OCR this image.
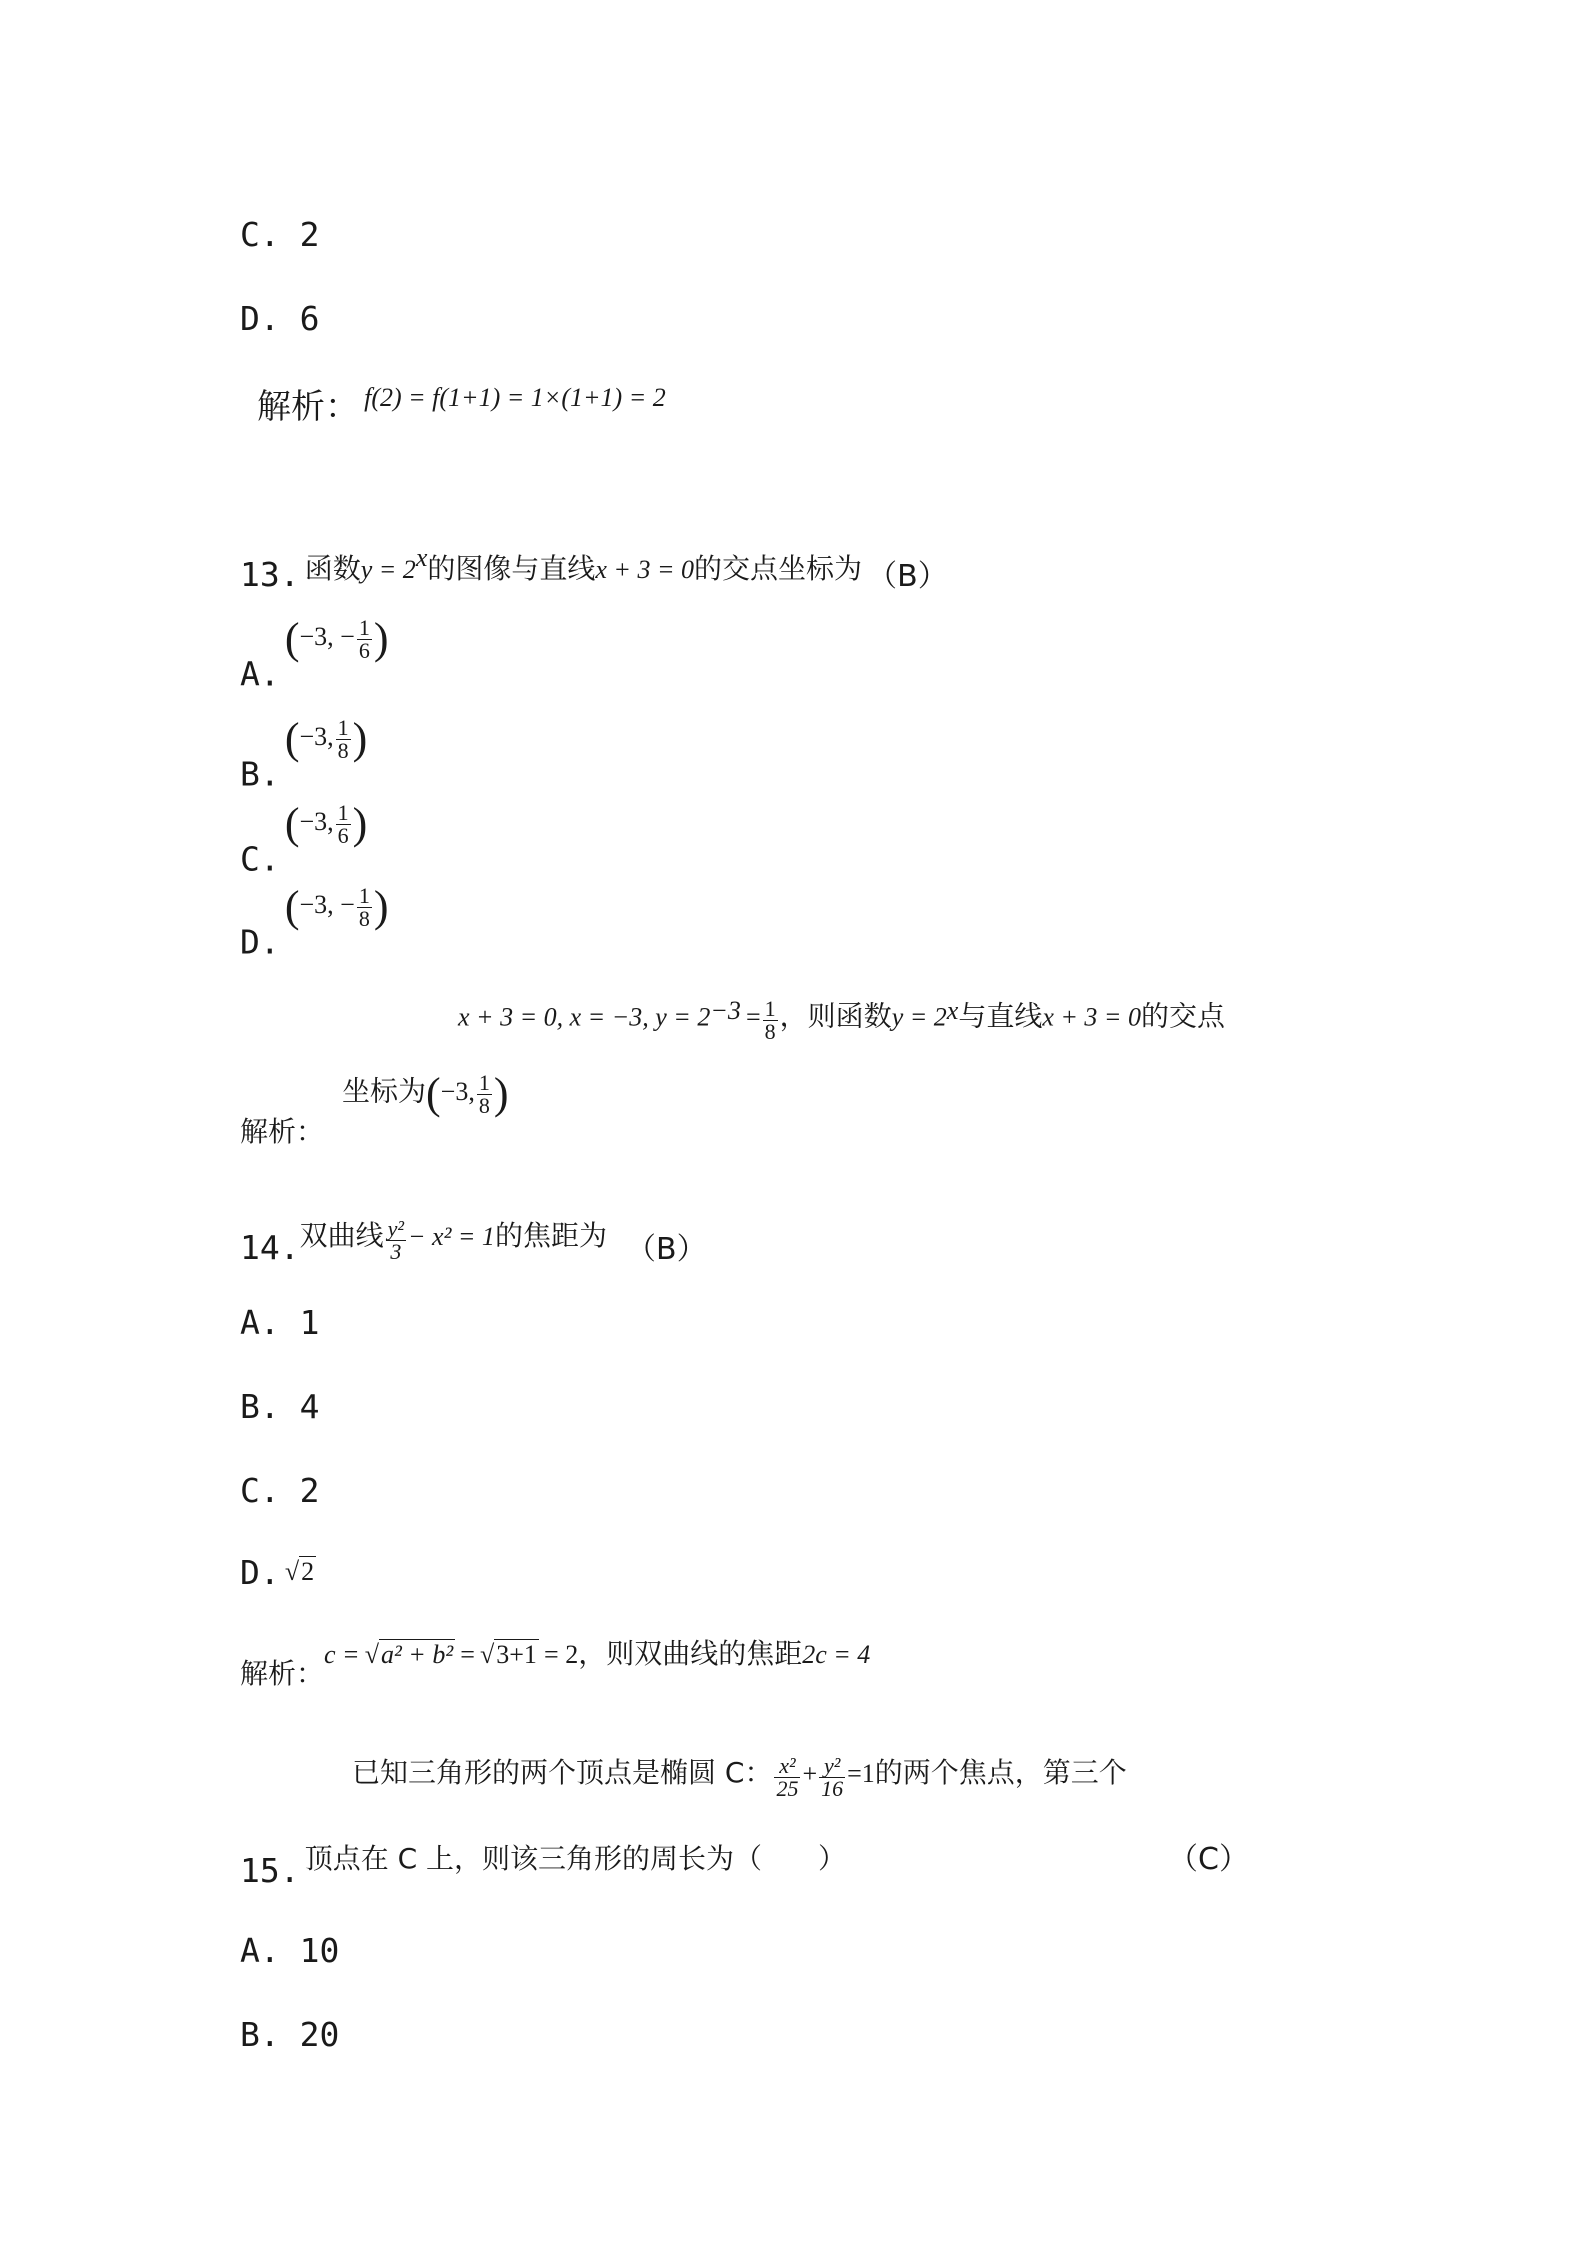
C. 2
D. 6
解析： f(2) = f(1+1) = 1×(1+1) = 2
13. 函数$y = 2^x$的图像与直线x + 3 = 0的交点坐标为 （B）
A. (−3, − $\frac{1}{6}$ )
B. (−3, $\frac{1}{8}$ )
C. (−3, $\frac{1}{6}$ )
D. (−3, − $\frac{1}{8}$ )
x + 3 = 0, x = −3, $y = 2^{-3} = \frac{1}{8}$ ，则函数$y = 2^x$与直线x + 3 = 0的交点
坐标为(−3, $\frac{1}{8}$ )
解析：
14.双曲线 $\frac{\text{y²}}{3} - x^2 = 1$的焦距为 （B）
A. 1
B. 4
C. 2
D. √2
解析：c = √a² + b² = √3+1 = 2，则双曲线的焦距2c = 4
已知三角形的两个顶点是椭圆 C： $\frac{\text{x²}}{25} + \frac{\text{y²}}{16} =1$的两个焦点，第三个
15. 顶点在 C 上，则该三角形的周长为（　　）	（C）
A. 10
B. 20
